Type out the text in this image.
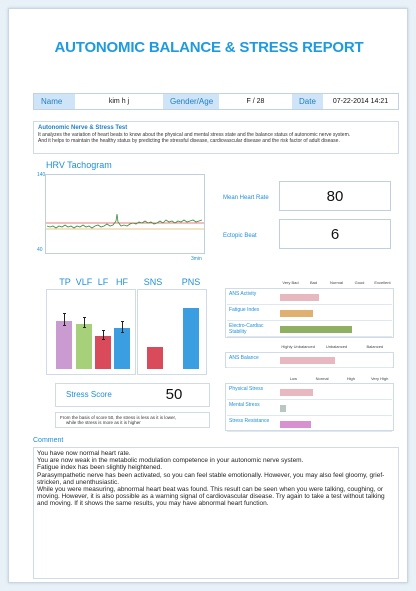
AUTONOMIC BALANCE & STRESS REPORT
Name	kim h j	Gender/Age	F / 28	Date	07-22-2014 14:21
Autonomic Nerve & Stress Test
It analyzes the variation of heart beats to know about the physical and mental stress state and the balance status of autonomic nerve system.
And it helps to maintain the healthy status by predicting the stressful disease, cardiovascular disease and the risk factor of adult disease.
HRV Tachogram
140
40
3min
Mean Heart Rate	80
Ectopic Beat	6
TP VLF LF HF	SNS	PNS	Very Bad	Bad	Normal	Good	Excellent
ANS Activity
Fatigue Index
Electro-Cardiac Stability
Highly Unbalanced	Unbalanced	Balanced
ANS Balance
Stress Score	50
From the basis of score 50, the stress is less as it is lower,
while the stress is more as it is higher
Low	Normal	High	Very High
Physical Stress
Mental Stress
Stress Resistance
Comment
You have now normal heart rate.
You are now weak in the metabolic modulation competence in your autonomic nerve system.
Fatigue index has been slightly heightened.
Parasympathetic nerve has been activated, so you can feel stable emotionally. However, you may also feel gloomy, grief-stricken, and unenthusiastic.
While you were measuring, abnormal heart beat was found. This result can be seen when you were talking, coughing, or moving. However, it is also possible as a warning signal of cardiovascular disease. Try again to take a test without talking and moving. If it shows the same results, you may have abnormal heart function.
